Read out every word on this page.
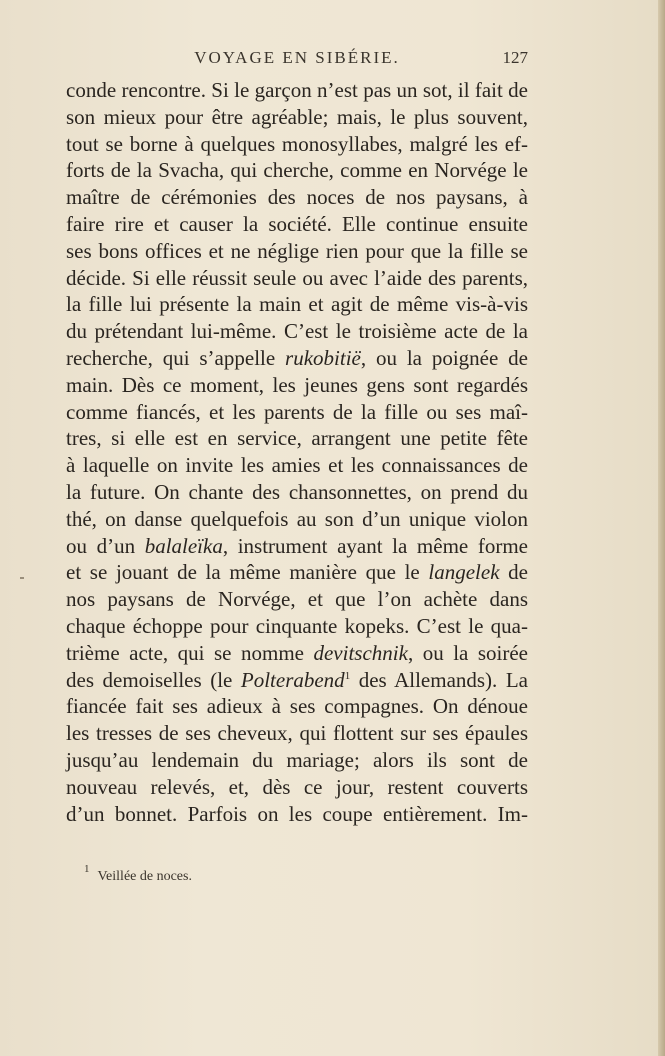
VOYAGE EN SIBÉRIE.	127
conde rencontre. Si le garçon n’est pas un sot, il fait de
son mieux pour être agréable; mais, le plus souvent,
tout se borne à quelques monosyllabes, malgré les ef-
forts de la Svacha, qui cherche, comme en Norvége le
maître de cérémonies des noces de nos paysans, à
faire rire et causer la société. Elle continue ensuite
ses bons offices et ne néglige rien pour que la fille se
décide. Si elle réussit seule ou avec l’aide des parents,
la fille lui présente la main et agit de même vis-à-vis
du prétendant lui-même. C’est le troisième acte de la
recherche, qui s’appelle rukobitië, ou la poignée de
main. Dès ce moment, les jeunes gens sont regardés
comme fiancés, et les parents de la fille ou ses maî-
tres, si elle est en service, arrangent une petite fête
à laquelle on invite les amies et les connaissances de
la future. On chante des chansonnettes, on prend du
thé, on danse quelquefois au son d’un unique violon
ou d’un balaleïka, instrument ayant la même forme
et se jouant de la même manière que le langelek de
nos paysans de Norvége, et que l’on achète dans
chaque échoppe pour cinquante kopeks. C’est le qua-
trième acte, qui se nomme devitschnik, ou la soirée
des demoiselles (le Polterabend$^1$ des Allemands). La
fiancée fait ses adieux à ses compagnes. On dénoue
les tresses de ses cheveux, qui flottent sur ses épaules
jusqu’au lendemain du mariage; alors ils sont de
nouveau relevés, et, dès ce jour, restent couverts
d’un bonnet. Parfois on les coupe entièrement. Im-
$^1$ Veillée de noces.
